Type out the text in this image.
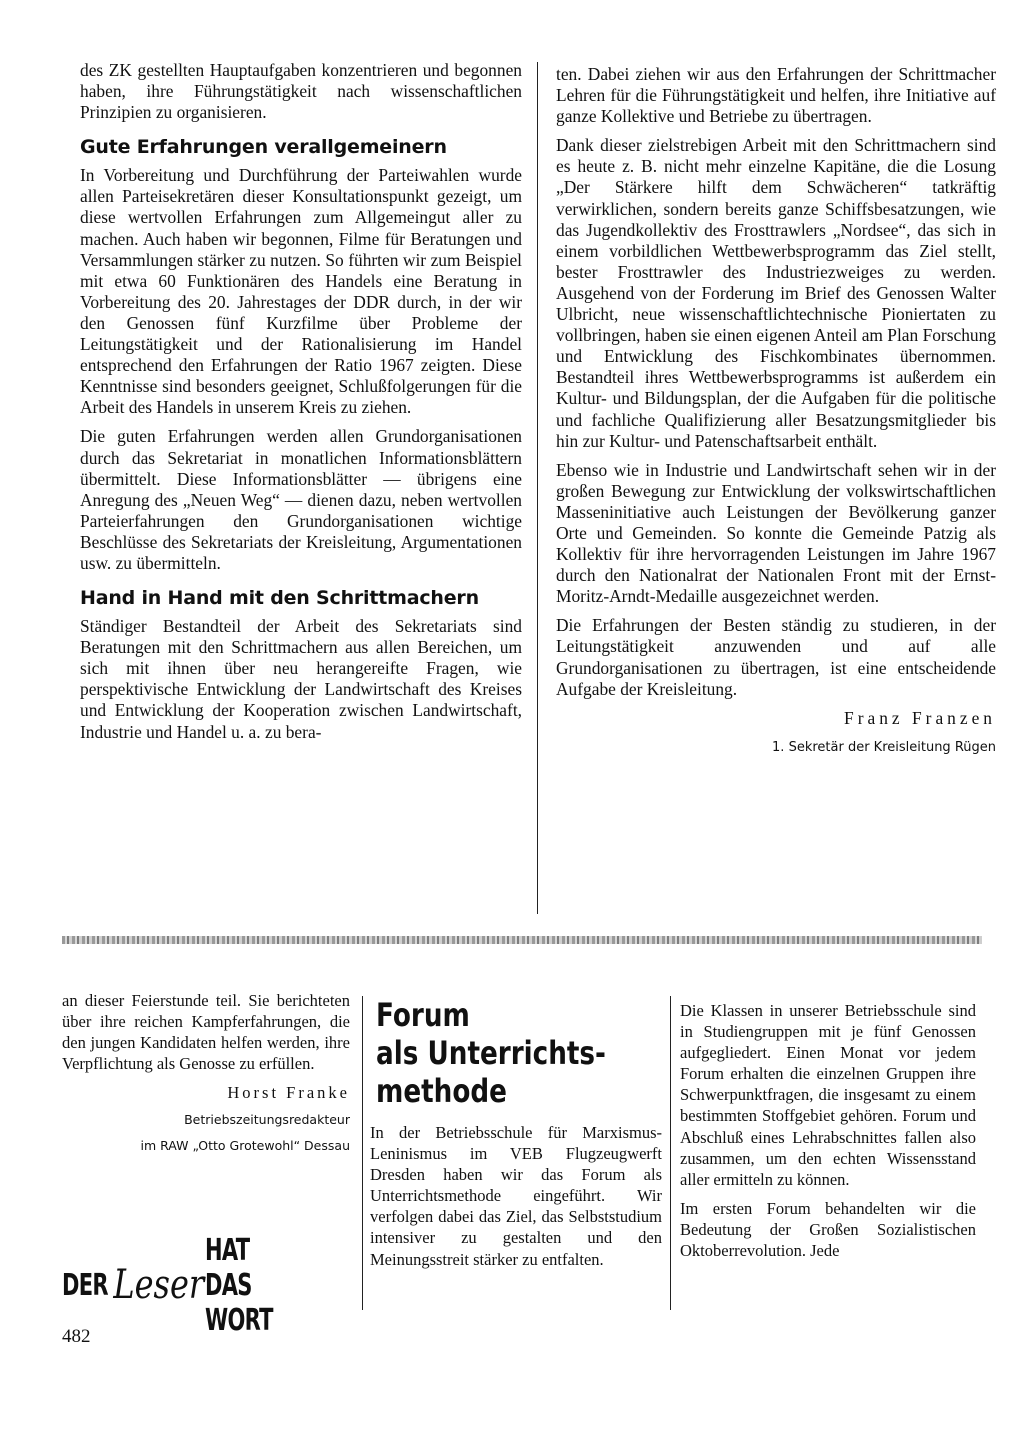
des ZK gestellten Hauptaufgaben konzentrieren und begonnen haben, ihre Führungstätigkeit nach wissenschaftlichen Prinzipien zu organisieren.

Gute Erfahrungen verallgemeinern

In Vorbereitung und Durchführung der Parteiwahlen wurde allen Parteisekretären dieser Konsultationspunkt gezeigt, um diese wertvollen Erfahrungen zum Allgemeingut aller zu machen. Auch haben wir begonnen, Filme für Beratungen und Versammlungen stärker zu nutzen. So führten wir zum Beispiel mit etwa 60 Funktionären des Handels eine Beratung in Vorbereitung des 20. Jahrestages der DDR durch, in der wir den Genossen fünf Kurzfilme über Probleme der Leitungstätigkeit und der Rationalisierung im Handel entsprechend den Erfahrungen der Ratio 1967 zeigten. Diese Kenntnisse sind besonders geeignet, Schlußfolgerungen für die Arbeit des Handels in unserem Kreis zu ziehen.

Die guten Erfahrungen werden allen Grundorganisationen durch das Sekretariat in monatlichen Informationsblättern übermittelt. Diese Informationsblätter — übrigens eine Anregung des „Neuen Weg“ — dienen dazu, neben wertvollen Parteierfahrungen den Grundorganisationen wichtige Beschlüsse des Sekretariats der Kreisleitung, Argumentationen usw. zu übermitteln.

Hand in Hand mit den Schrittmachern

Ständiger Bestandteil der Arbeit des Sekretariats sind Beratungen mit den Schrittmachern aus allen Bereichen, um sich mit ihnen über neu herangereifte Fragen, wie perspektivische Entwicklung der Landwirtschaft des Kreises und Entwicklung der Kooperation zwischen Landwirtschaft, Industrie und Handel u. a. zu bera-

ten. Dabei ziehen wir aus den Erfahrungen der Schrittmacher Lehren für die Führungstätigkeit und helfen, ihre Initiative auf ganze Kollektive und Betriebe zu übertragen.

Dank dieser zielstrebigen Arbeit mit den Schrittmachern sind es heute z. B. nicht mehr einzelne Kapitäne, die die Losung „Der Stärkere hilft dem Schwächeren“ tatkräftig verwirklichen, sondern bereits ganze Schiffsbesatzungen, wie das Jugendkollektiv des Frosttrawlers „Nordsee“, das sich in einem vorbildlichen Wettbewerbsprogramm das Ziel stellt, bester Frosttrawler des Industriezweiges zu werden. Ausgehend von der Forderung im Brief des Genossen Walter Ulbricht, neue wissenschaftlichtechnische Pioniertaten zu vollbringen, haben sie einen eigenen Anteil am Plan Forschung und Entwicklung des Fischkombinates übernommen. Bestandteil ihres Wettbewerbsprogramms ist außerdem ein Kultur- und Bildungsplan, der die Aufgaben für die politische und fachliche Qualifizierung aller Besatzungsmitglieder bis hin zur Kultur- und Patenschaftsarbeit enthält.

Ebenso wie in Industrie und Landwirtschaft sehen wir in der großen Bewegung zur Entwicklung der volkswirtschaftlichen Masseninitiative auch Leistungen der Bevölkerung ganzer Orte und Gemeinden. So konnte die Gemeinde Patzig als Kollektiv für ihre hervorragenden Leistungen im Jahre 1967 durch den Nationalrat der Nationalen Front mit der Ernst-Moritz-Arndt-Medaille ausgezeichnet werden.

Die Erfahrungen der Besten ständig zu studieren, in der Leitungstätigkeit anzuwenden und auf alle Grundorganisationen zu übertragen, ist eine entscheidende Aufgabe der Kreisleitung.

Franz Franzen

1. Sekretär der Kreisleitung Rügen

an dieser Feierstunde teil. Sie berichteten über ihre reichen Kampferfahrungen, die den jungen Kandidaten helfen werden, ihre Verpflichtung als Genosse zu erfüllen.

Horst Franke

Betriebszeitungsredakteur

im RAW „Otto Grotewohl“ Dessau

DER Leser
HAT DAS WORT
Forum
als Unterrichts-
methode

In der Betriebsschule für Marxismus-Leninismus im VEB Flugzeugwerft Dresden haben wir das Forum als Unterrichtsmethode eingeführt. Wir verfolgen dabei das Ziel, das Selbststudium intensiver zu gestalten und den Meinungsstreit stärker zu entfalten.

Die Klassen in unserer Betriebsschule sind in Studiengruppen mit je fünf Genossen aufgegliedert. Einen Monat vor jedem Forum erhalten die einzelnen Gruppen ihre Schwerpunktfragen, die insgesamt zu einem bestimmten Stoffgebiet gehören. Forum und Abschluß eines Lehrabschnittes fallen also zusammen, um den echten Wissensstand aller ermitteln zu können.

Im ersten Forum behandelten wir die Bedeutung der Großen Sozialistischen Oktoberrevolution. Jede

482
